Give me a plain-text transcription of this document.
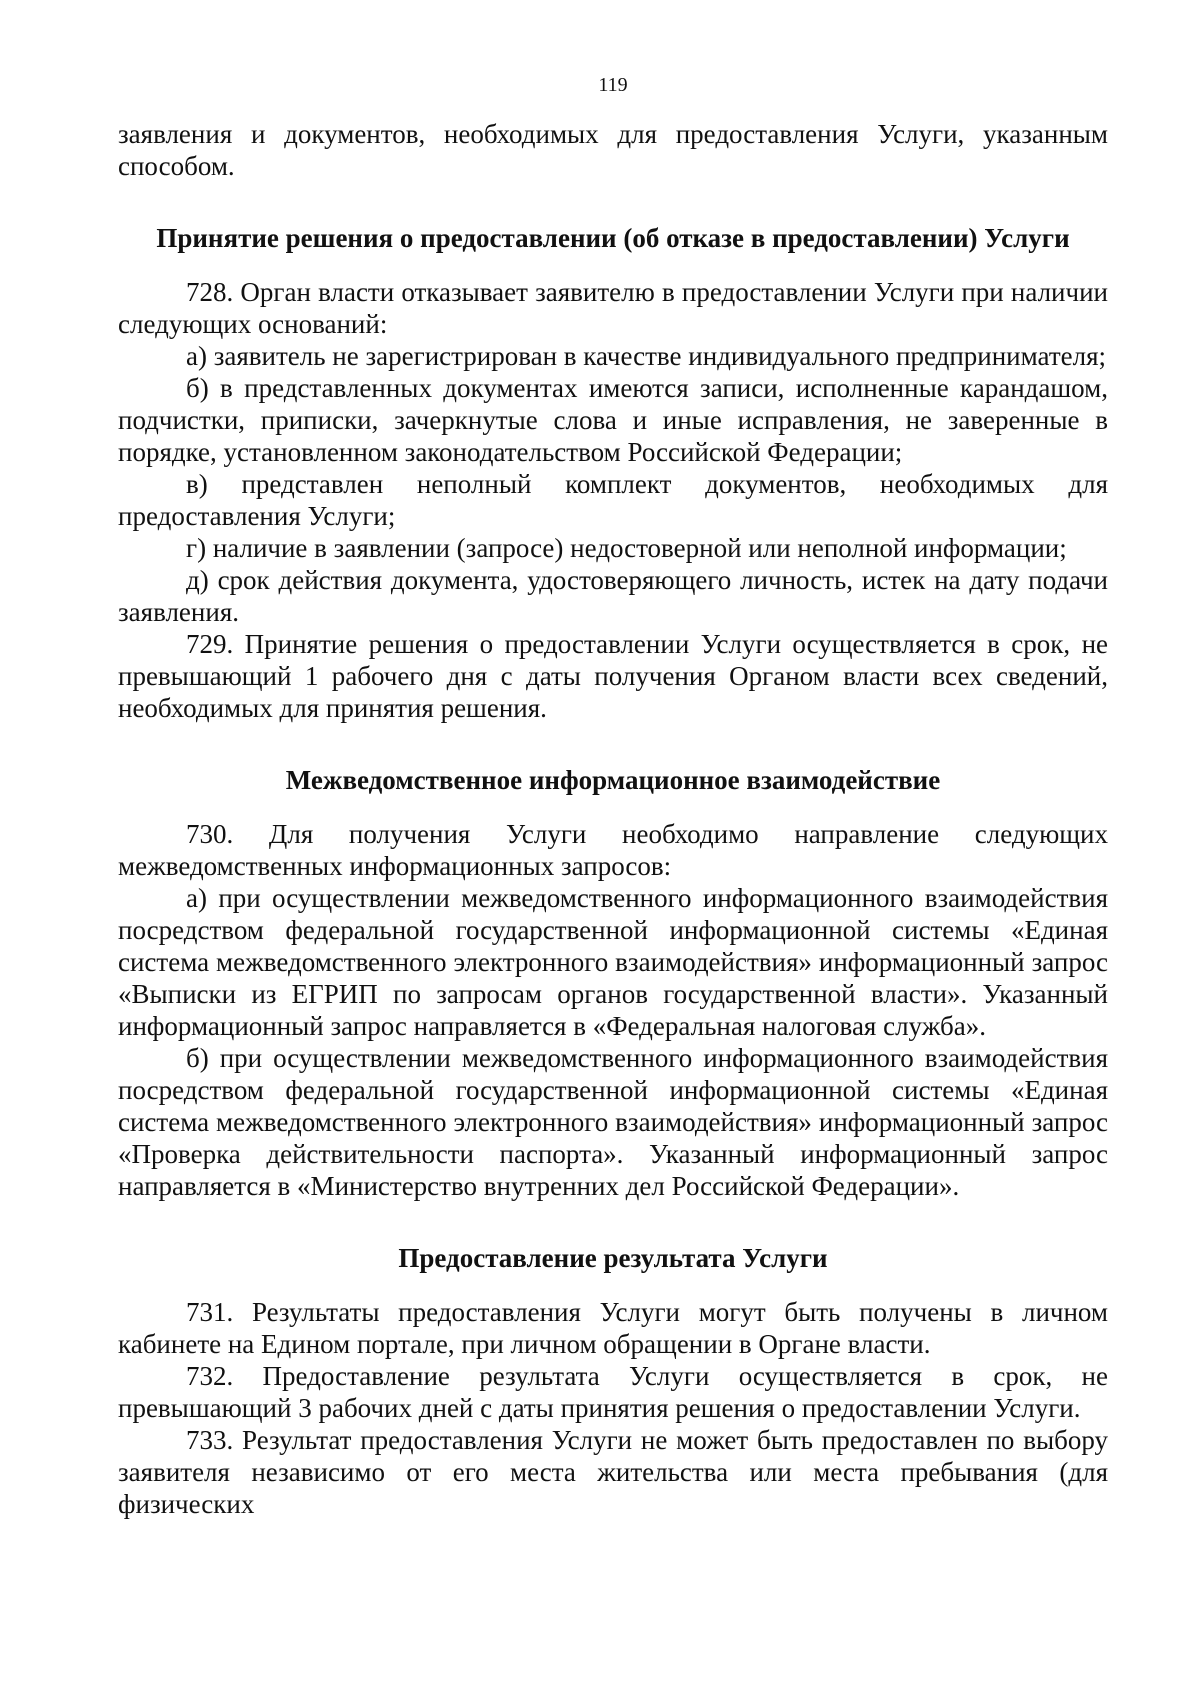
119

заявления и документов, необходимых для предоставления Услуги, указанным способом.

Принятие решения о предоставлении (об отказе в предоставлении) Услуги

728. Орган власти отказывает заявителю в предоставлении Услуги при наличии следующих оснований:

а) заявитель не зарегистрирован в качестве индивидуального предпринимателя;

б) в представленных документах имеются записи, исполненные карандашом, подчистки, приписки, зачеркнутые слова и иные исправления, не заверенные в порядке, установленном законодательством Российской Федерации;

в) представлен неполный комплект документов, необходимых для предоставления Услуги;

г) наличие в заявлении (запросе) недостоверной или неполной информации;

д) срок действия документа, удостоверяющего личность, истек на дату подачи заявления.

729. Принятие решения о предоставлении Услуги осуществляется в срок, не превышающий 1 рабочего дня с даты получения Органом власти всех сведений, необходимых для принятия решения.

Межведомственное информационное взаимодействие

730. Для получения Услуги необходимо направление следующих межведомственных информационных запросов:

а) при осуществлении межведомственного информационного взаимодействия посредством федеральной государственной информационной системы «Единая система межведомственного электронного взаимодействия» информационный запрос «Выписки из ЕГРИП по запросам органов государственной власти». Указанный информационный запрос направляется в «Федеральная налоговая служба».

б) при осуществлении межведомственного информационного взаимодействия посредством федеральной государственной информационной системы «Единая система межведомственного электронного взаимодействия» информационный запрос «Проверка действительности паспорта». Указанный информационный запрос направляется в «Министерство внутренних дел Российской Федерации».

Предоставление результата Услуги

731. Результаты предоставления Услуги могут быть получены в личном кабинете на Едином портале, при личном обращении в Органе власти.

732. Предоставление результата Услуги осуществляется в срок, не превышающий 3 рабочих дней с даты принятия решения о предоставлении Услуги.

733. Результат предоставления Услуги не может быть предоставлен по выбору заявителя независимо от его места жительства или места пребывания (для физических
